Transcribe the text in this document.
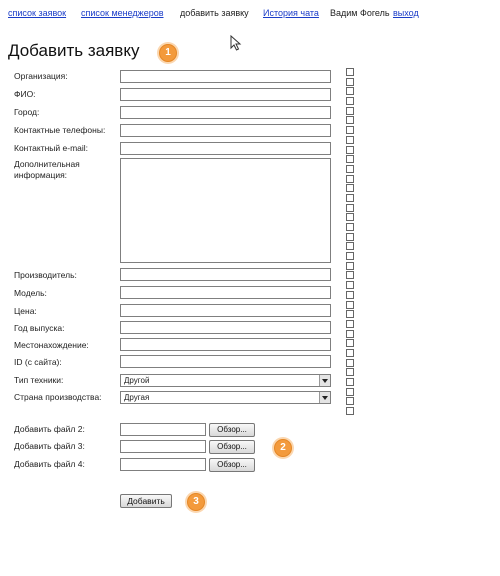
список заявок список менеджеров добавить заявку История чата Вадим Фогель выход
Добавить заявку	1
2
3
Организация:
ФИО:
Город:
Контактные телефоны:
Контактный e-mail:
Дополнительная
информация:
Производитель:
Модель:
Цена:
Год выпуска:
Местонахождение:
ID (с сайта):
Тип техники:	Другой
Страна производства:	Другая
Добавить файл 2:	Обзор...
Добавить файл 3:	Обзор...
Добавить файл 4:	Обзор...
Добавить
